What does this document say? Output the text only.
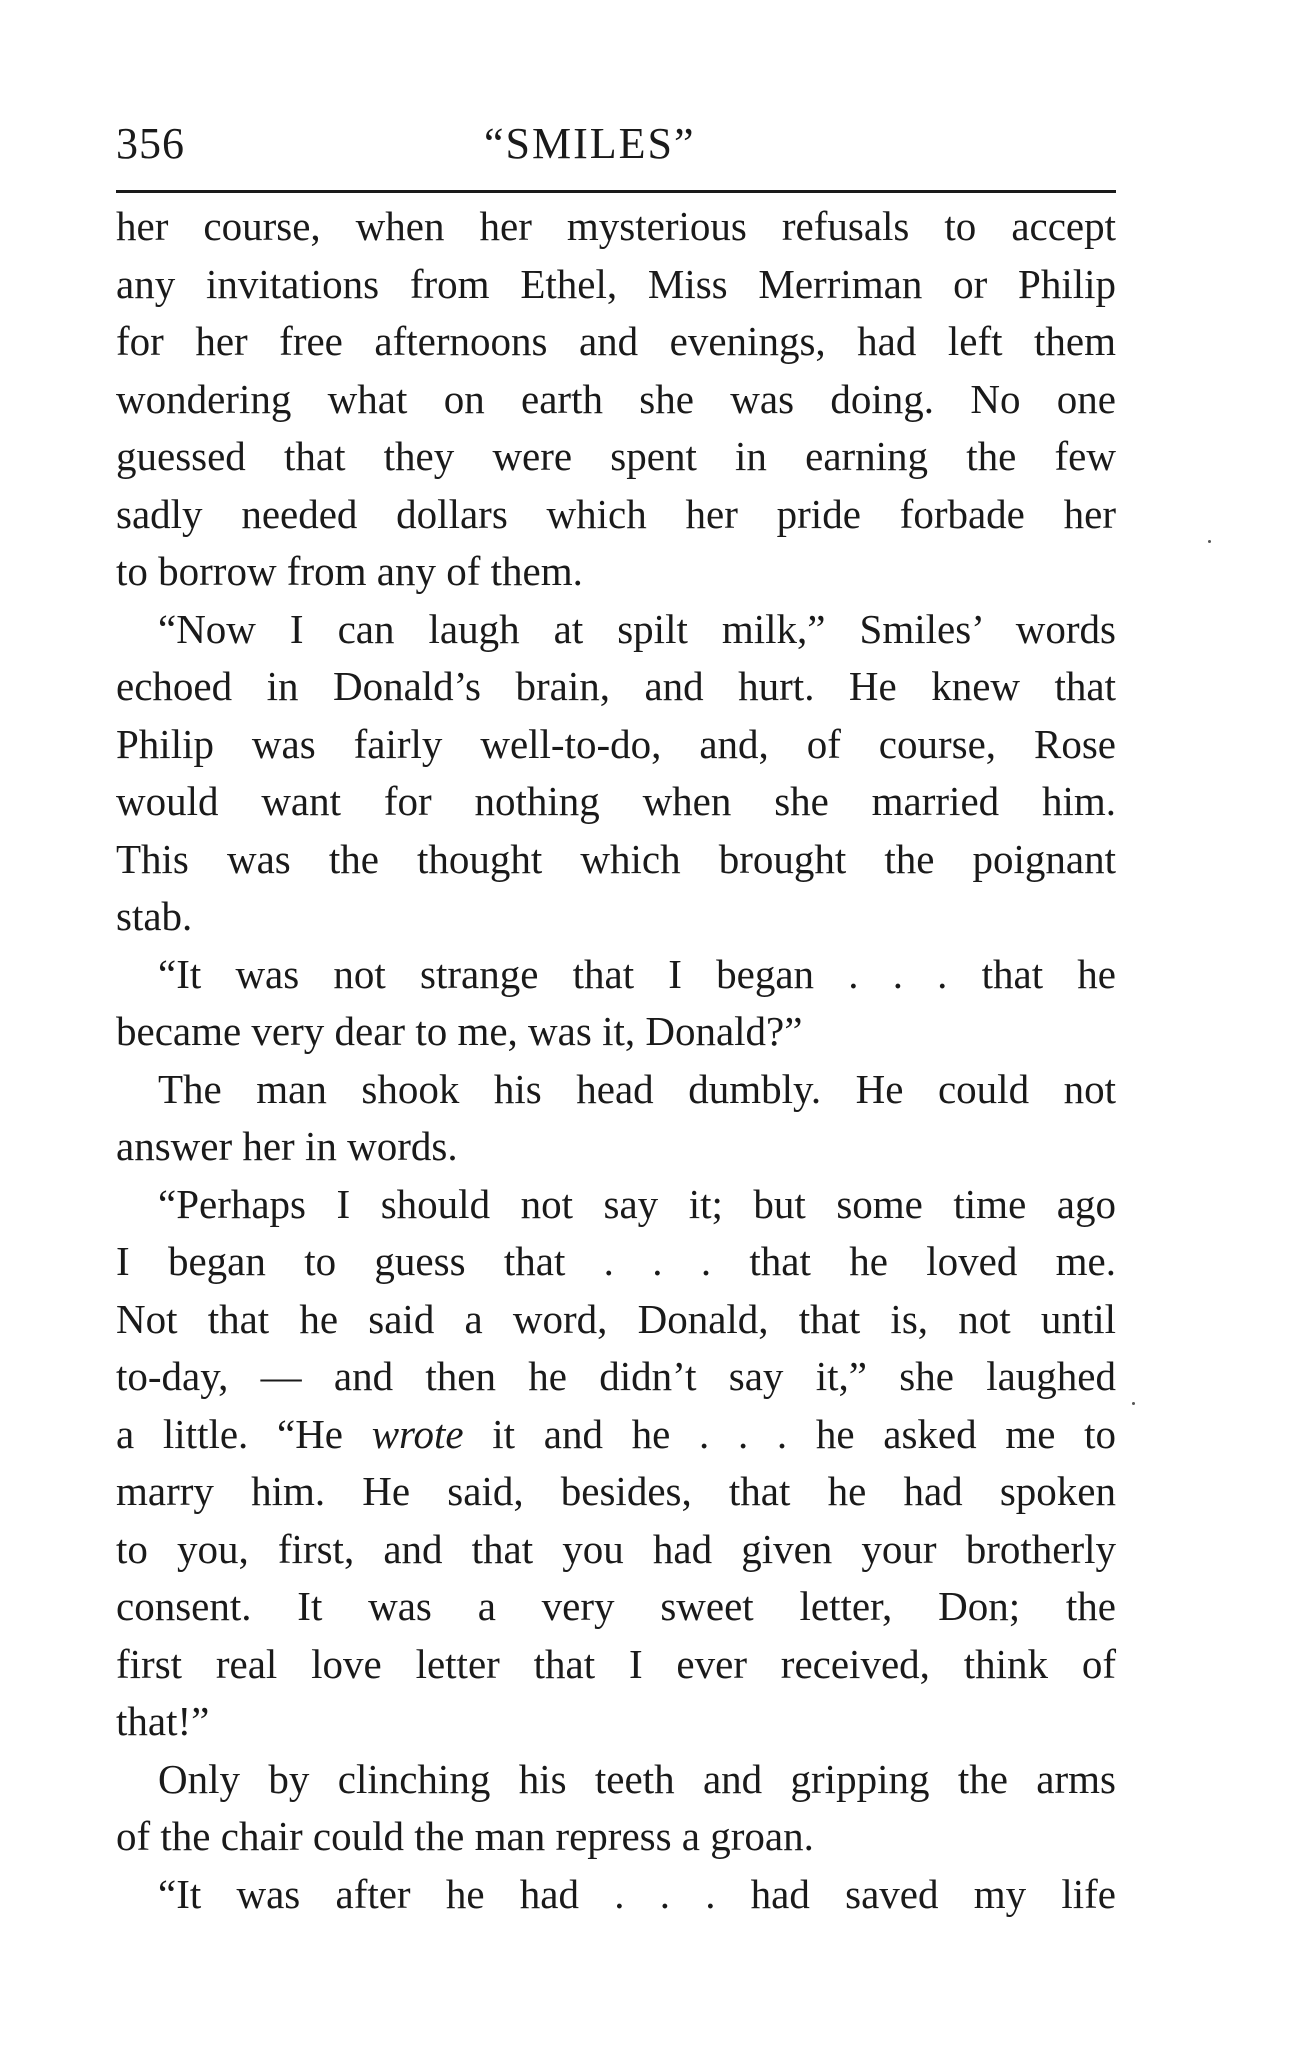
356	“SMILES”
her course, when her mysterious refusals to accept
any invitations from Ethel, Miss Merriman or Philip
for her free afternoons and evenings, had left them
wondering what on earth she was doing. No one
guessed that they were spent in earning the few
sadly needed dollars which her pride forbade her
to borrow from any of them.
“Now I can laugh at spilt milk,” Smiles’ words
echoed in Donald’s brain, and hurt. He knew that
Philip was fairly well-to-do, and, of course, Rose
would want for nothing when she married him.
This was the thought which brought the poignant
stab.
“It was not strange that I began . . . that he
became very dear to me, was it, Donald?”
The man shook his head dumbly. He could not
answer her in words.
“Perhaps I should not say it; but some time ago
I began to guess that . . . that he loved me.
Not that he said a word, Donald, that is, not until
to-day, — and then he didn’t say it,” she laughed
a little. “He wrote it and he . . . he asked me to
marry him. He said, besides, that he had spoken
to you, first, and that you had given your brotherly
consent. It was a very sweet letter, Don; the
first real love letter that I ever received, think of
that!”
Only by clinching his teeth and gripping the arms
of the chair could the man repress a groan.
“It was after he had . . . had saved my life
